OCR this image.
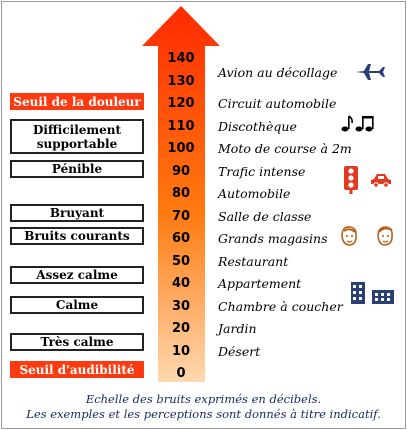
140
130
120
110
100
90
80
70
60
50
40
30
20
10
0
Avion au décollage
Circuit automobile
Discothèque
Moto de course à 2m
Trafic intense
Automobile
Salle de classe
Grands magasins
Restaurant
Appartement
Chambre à coucher
Jardin
Désert
Seuil de la douleur
Difficilement
supportable
Pénible
Bruyant
Bruits courants
Assez calme
Calme
Très calme
Seuil d'audibilité
Echelle des bruits exprimés en décibels.
Les exemples et les perceptions sont donnés à titre indicatif.
